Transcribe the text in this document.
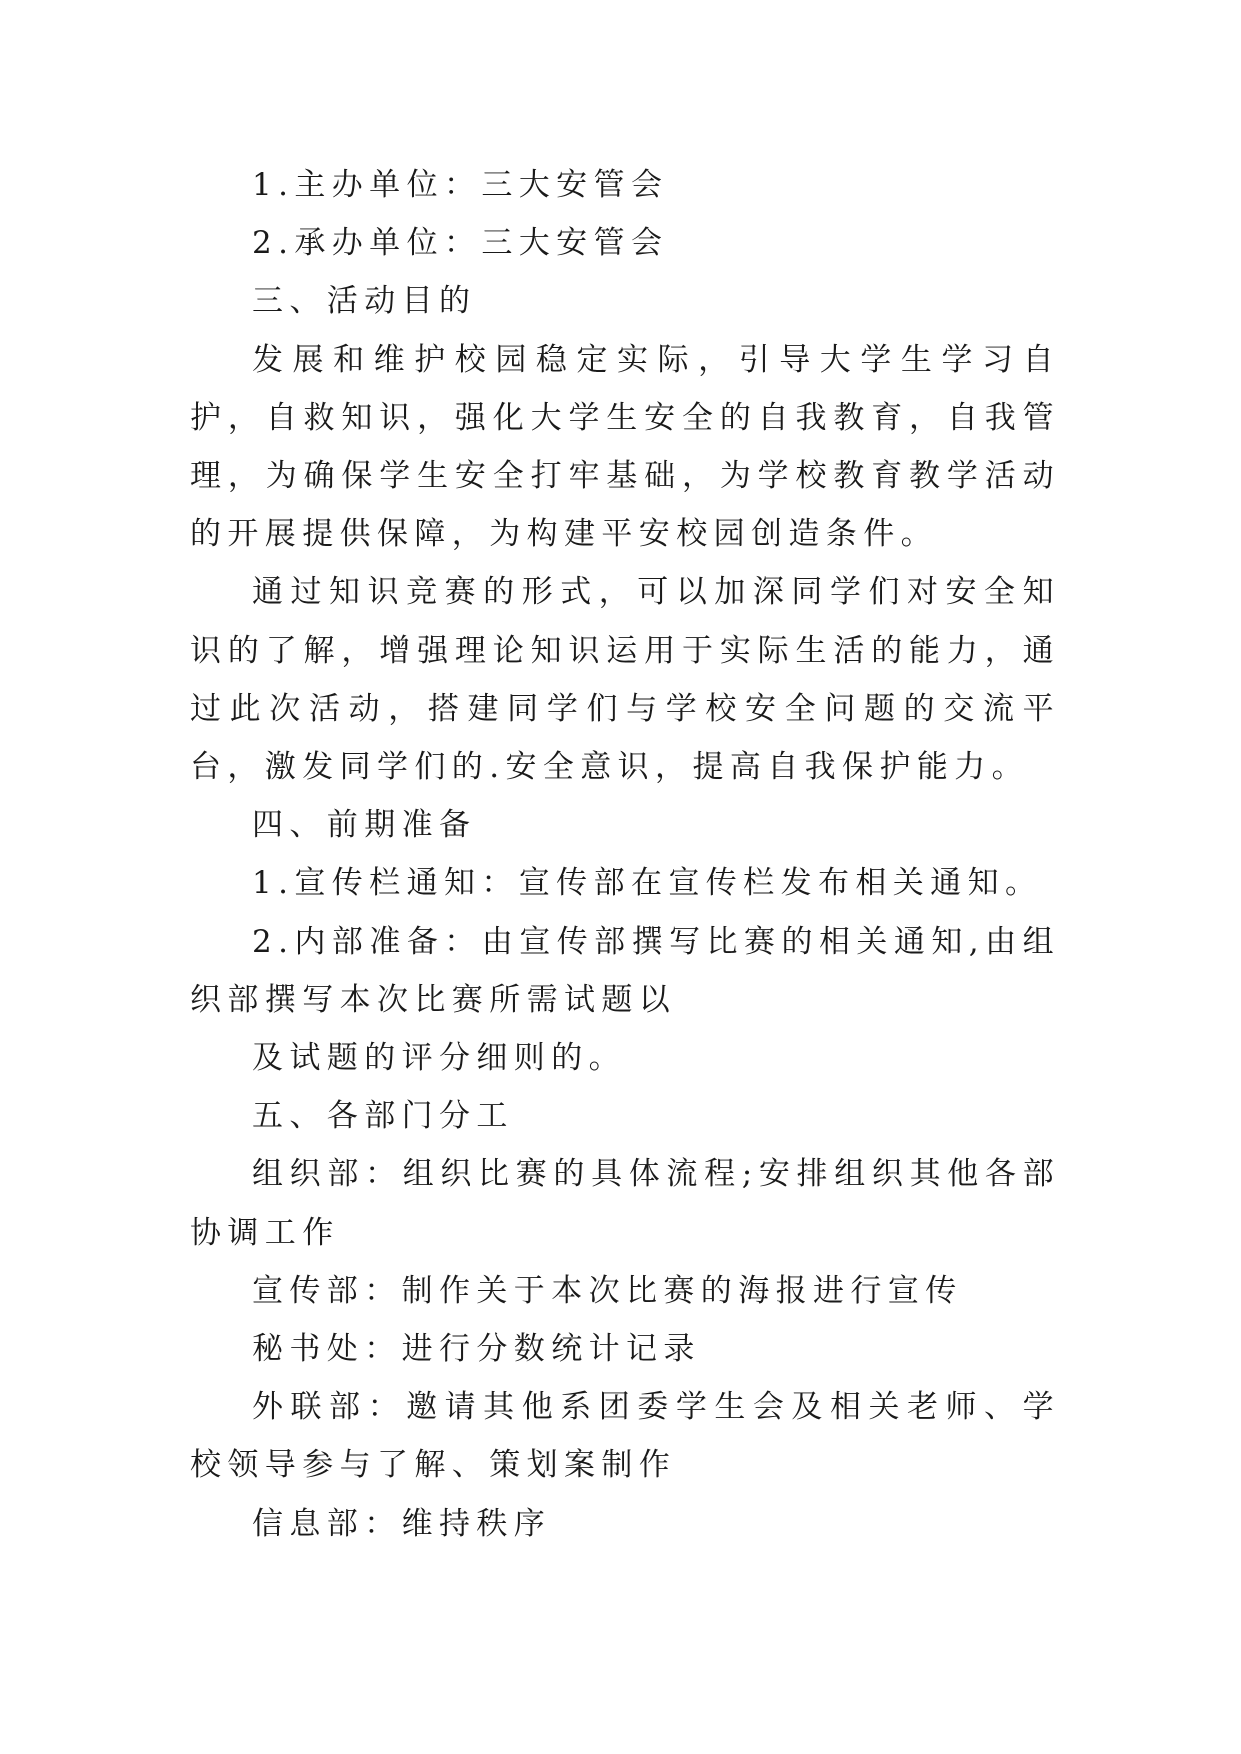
1.主办单位：三大安管会

2.承办单位：三大安管会

三、活动目的

发展和维护校园稳定实际，引导大学生学习自护，自救知识，强化大学生安全的自我教育，自我管理，为确保学生安全打牢基础，为学校教育教学活动的开展提供保障，为构建平安校园创造条件。

通过知识竞赛的形式，可以加深同学们对安全知识的了解，增强理论知识运用于实际生活的能力，通过此次活动，搭建同学们与学校安全问题的交流平台，激发同学们的.安全意识，提高自我保护能力。

四、前期准备

1.宣传栏通知：宣传部在宣传栏发布相关通知。

2.内部准备：由宣传部撰写比赛的相关通知,由组织部撰写本次比赛所需试题以

及试题的评分细则的。

五、各部门分工

组织部：组织比赛的具体流程;安排组织其他各部协调工作

宣传部：制作关于本次比赛的海报进行宣传

秘书处：进行分数统计记录

外联部：邀请其他系团委学生会及相关老师、学校领导参与了解、策划案制作

信息部：维持秩序
